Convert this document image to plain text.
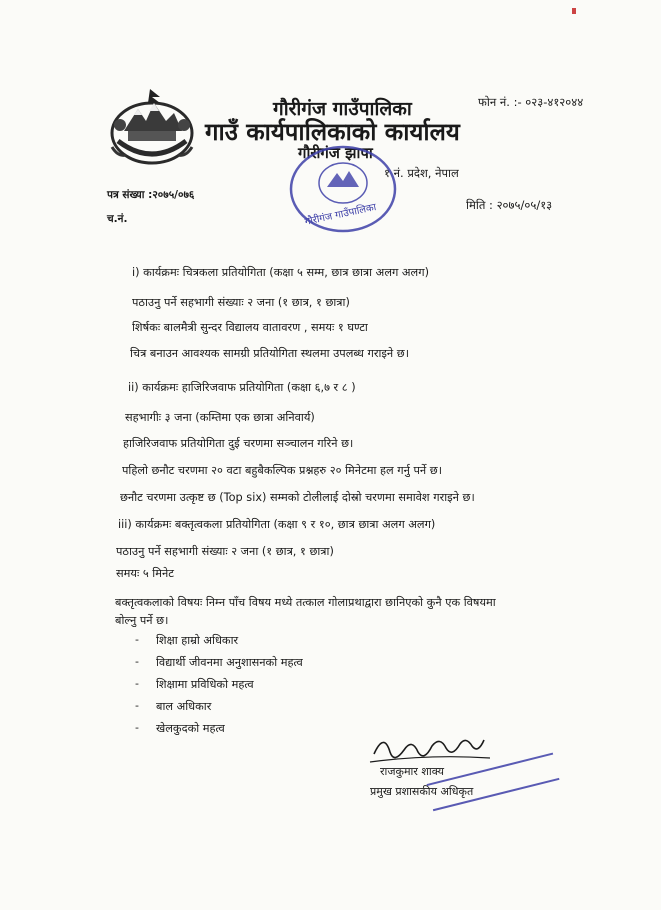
गौरीगंज गाउँपालिका
गाउँ कार्यपालिकाको कार्यालय
गौरीगंज झापा
फोन नं. :- ०२३-४१२०४४
१ नं. प्रदेश, नेपाल
गौरीगंज गाउँपालिका
पत्र संख्या :२०७५/०७६
च.नं.
मिति : २०७५/०५/१३
i) कार्यक्रमः चित्रकला प्रतियोगिता (कक्षा ५ सम्म, छात्र छात्रा अलग अलग)
पठाउनु पर्ने सहभागी संख्याः २ जना (१ छात्र, १ छात्रा)
शिर्षकः बालमैत्री सुन्दर विद्यालय वातावरण , समयः १ घण्टा
चित्र बनाउन आवश्यक सामग्री प्रतियोगिता स्थलमा उपलब्ध गराइने छ।
ii) कार्यक्रमः हाजिरिजवाफ प्रतियोगिता (कक्षा ६,७ र ८ )
सहभागीः ३ जना (कम्तिमा एक छात्रा अनिवार्य)
हाजिरिजवाफ प्रतियोगिता दुई चरणमा सञ्चालन गरिने छ।
पहिलो छनौट चरणमा २० वटा बहुबैकल्पिक प्रश्नहरु २० मिनेटमा हल गर्नु पर्ने छ।
छनौट चरणमा उत्कृष्ट छ (Top six) सम्मको टोलीलाई दोस्रो चरणमा समावेश गराइने छ।
iii) कार्यक्रमः बक्तृत्वकला प्रतियोगिता (कक्षा ९ र १०, छात्र छात्रा अलग अलग)
पठाउनु पर्ने सहभागी संख्याः २ जना (१ छात्र, १ छात्रा)
समयः ५ मिनेट
बक्तृत्वकलाको विषयः निम्न पाँच विषय मध्ये तत्काल गोलाप्रथाद्वारा छानिएको कुनै एक विषयमा
बोल्नु पर्ने छ।
- शिक्षा हाम्रो अधिकार
- विद्यार्थी जीवनमा अनुशासनको महत्व
- शिक्षामा प्रविधिको महत्व
- बाल अधिकार
- खेलकुदको महत्व
राजकुमार शाक्य
प्रमुख प्रशासकीय अधिकृत
